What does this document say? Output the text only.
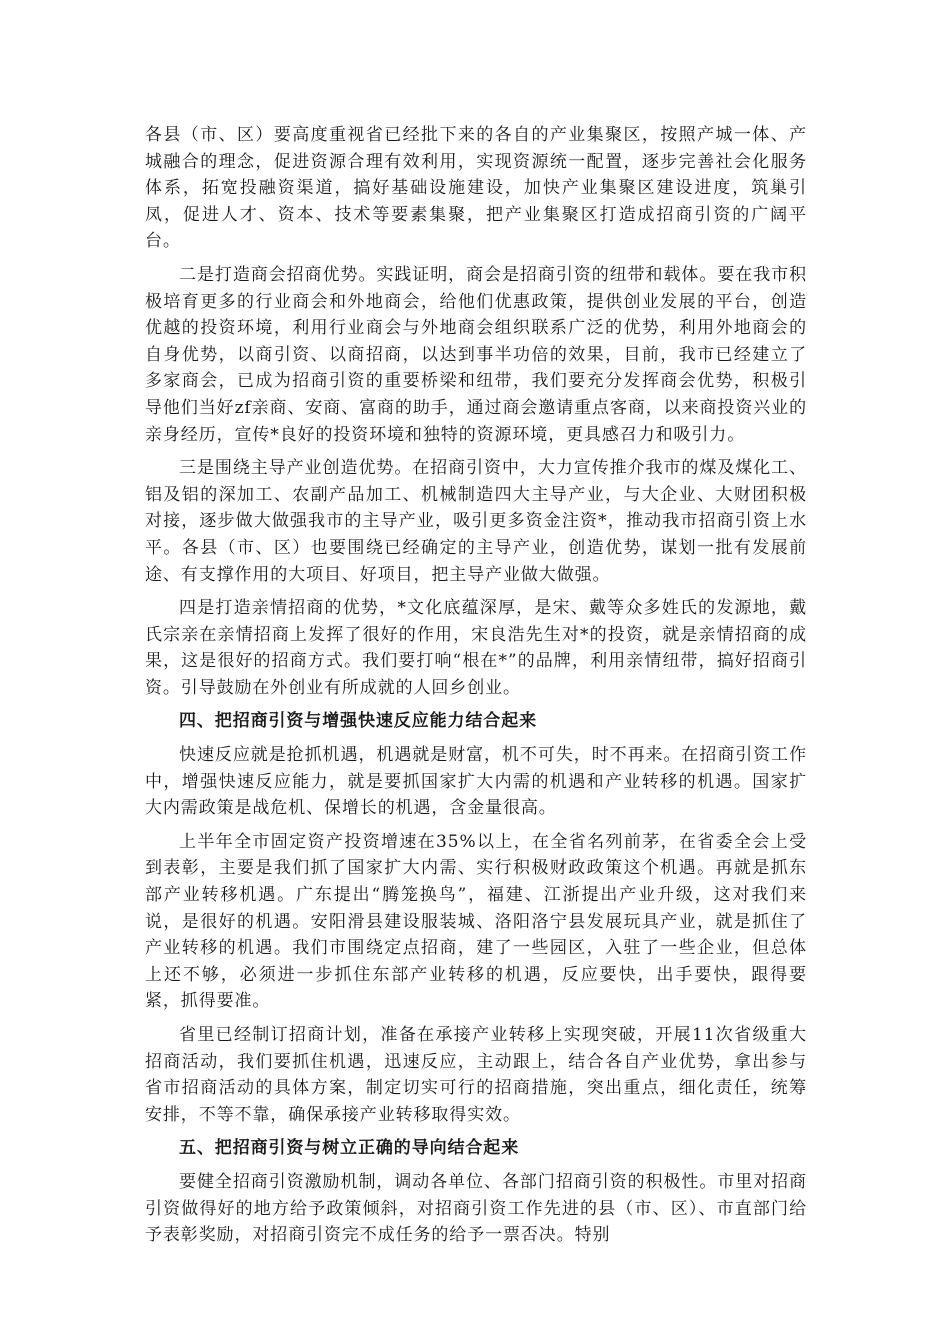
各县（市、区）要高度重视省已经批下来的各自的产业集聚区，按照产城一体、产城融合的理念，促进资源合理有效利用，实现资源统一配置，逐步完善社会化服务体系，拓宽投融资渠道，搞好基础设施建设，加快产业集聚区建设进度，筑巢引凤，促进人才、资本、技术等要素集聚，把产业集聚区打造成招商引资的广阔平台。

二是打造商会招商优势。实践证明，商会是招商引资的纽带和载体。要在我市积极培育更多的行业商会和外地商会，给他们优惠政策，提供创业发展的平台，创造优越的投资环境，利用行业商会与外地商会组织联系广泛的优势，利用外地商会的自身优势，以商引资、以商招商，以达到事半功倍的效果，目前，我市已经建立了多家商会，已成为招商引资的重要桥梁和纽带，我们要充分发挥商会优势，积极引导他们当好zf亲商、安商、富商的助手，通过商会邀请重点客商，以来商投资兴业的亲身经历，宣传*良好的投资环境和独特的资源环境，更具感召力和吸引力。

三是围绕主导产业创造优势。在招商引资中，大力宣传推介我市的煤及煤化工、铝及铝的深加工、农副产品加工、机械制造四大主导产业，与大企业、大财团积极对接，逐步做大做强我市的主导产业，吸引更多资金注资*，推动我市招商引资上水平。各县（市、区）也要围绕已经确定的主导产业，创造优势，谋划一批有发展前途、有支撑作用的大项目、好项目，把主导产业做大做强。

四是打造亲情招商的优势，*文化底蕴深厚，是宋、戴等众多姓氏的发源地，戴氏宗亲在亲情招商上发挥了很好的作用，宋良浩先生对*的投资，就是亲情招商的成果，这是很好的招商方式。我们要打响“根在*”的品牌，利用亲情纽带，搞好招商引资。引导鼓励在外创业有所成就的人回乡创业。

四、把招商引资与增强快速反应能力结合起来

快速反应就是抢抓机遇，机遇就是财富，机不可失，时不再来。在招商引资工作中，增强快速反应能力，就是要抓国家扩大内需的机遇和产业转移的机遇。国家扩大内需政策是战危机、保增长的机遇，含金量很高。

上半年全市固定资产投资增速在35%以上，在全省名列前茅，在省委全会上受到表彰，主要是我们抓了国家扩大内需、实行积极财政政策这个机遇。再就是抓东部产业转移机遇。广东提出“腾笼换鸟”，福建、江浙提出产业升级，这对我们来说，是很好的机遇。安阳滑县建设服装城、洛阳洛宁县发展玩具产业，就是抓住了产业转移的机遇。我们市围绕定点招商，建了一些园区，入驻了一些企业，但总体上还不够，必须进一步抓住东部产业转移的机遇，反应要快，出手要快，跟得要紧，抓得要准。

省里已经制订招商计划，准备在承接产业转移上实现突破，开展11次省级重大招商活动，我们要抓住机遇，迅速反应，主动跟上，结合各自产业优势，拿出参与省市招商活动的具体方案，制定切实可行的招商措施，突出重点，细化责任，统筹安排，不等不靠，确保承接产业转移取得实效。

五、把招商引资与树立正确的导向结合起来

要健全招商引资激励机制，调动各单位、各部门招商引资的积极性。市里对招商引资做得好的地方给予政策倾斜，对招商引资工作先进的县（市、区）、市直部门给予表彰奖励，对招商引资完不成任务的给予一票否决。特别
